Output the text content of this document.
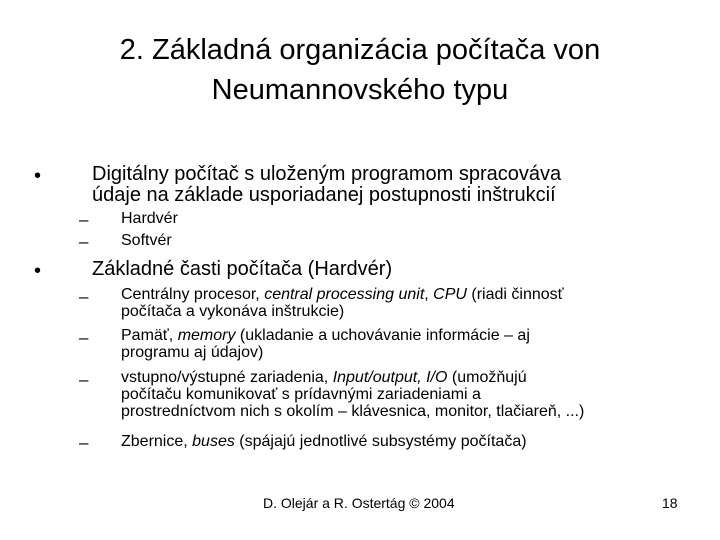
2. Základná organizácia počítača von
Neumannovského typu
•	Digitálny počítač s uloženým programom spracováva
údaje na základe usporiadanej postupnosti inštrukcií
– Hardvér
– Softvér
•	Základné časti počítača (Hardvér)
– Centrálny procesor, central processing unit, CPU (riadi činnosť
počítača a vykonáva inštrukcie)
– Pamäť, memory (ukladanie a uchovávanie informácie – aj
programu aj údajov)
– vstupno/výstupné zariadenia, Input/output, I/O (umožňujú
počítaču komunikovať s prídavnými zariadeniami a
prostredníctvom nich s okolím – klávesnica, monitor, tlačiareň, ...)
– Zbernice, buses (spájajú jednotlivé subsystémy počítača)
D. Olejár a R. Ostertág © 2004	18
